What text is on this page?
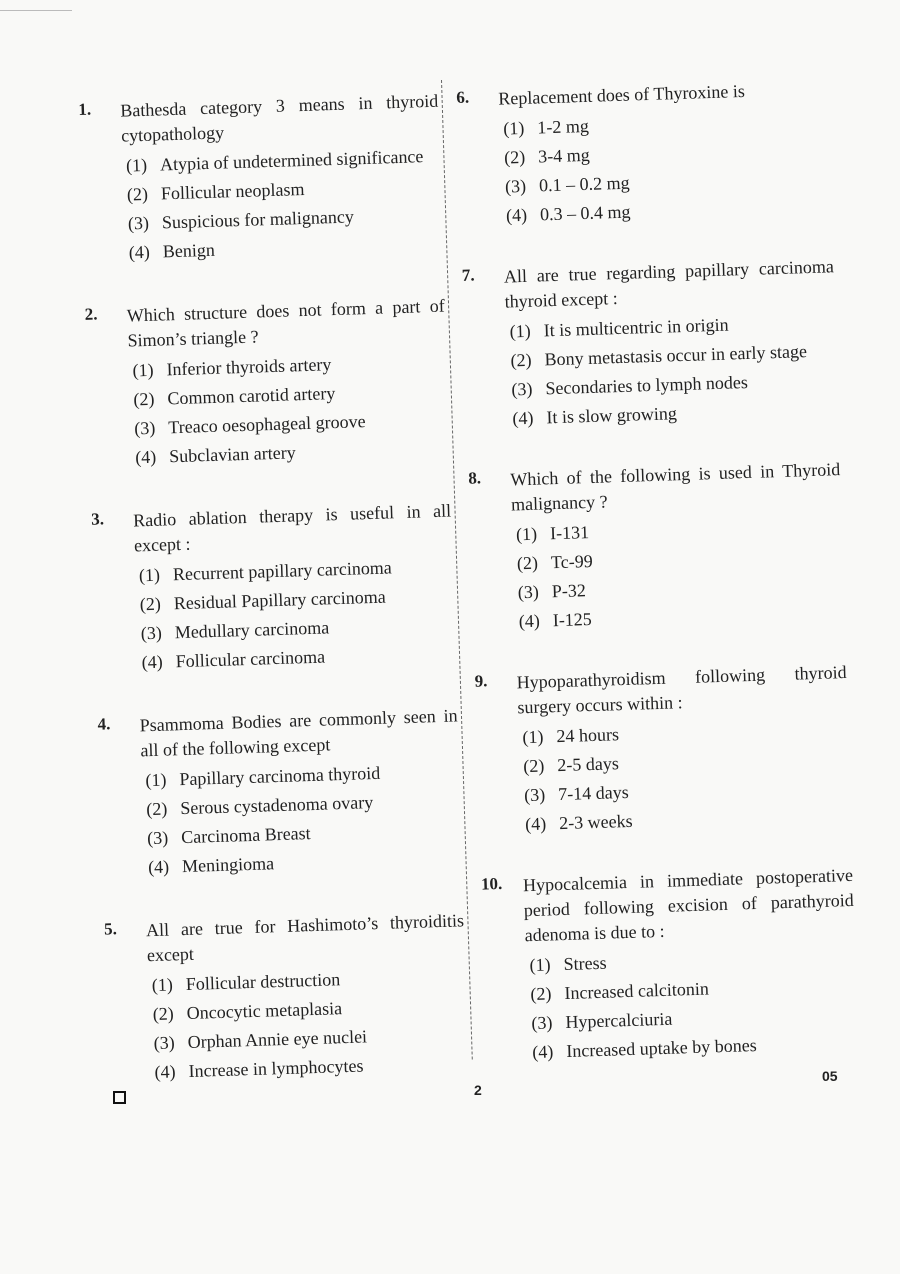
1. Bathesda category 3 means in thyroid cytopathology
(1) Atypia of undetermined significance
(2) Follicular neoplasm
(3) Suspicious for malignancy
(4) Benign
2. Which structure does not form a part of Simon’s triangle ?
(1) Inferior thyroids artery
(2) Common carotid artery
(3) Treaco oesophageal groove
(4) Subclavian artery
3. Radio ablation therapy is useful in all except :
(1) Recurrent papillary carcinoma
(2) Residual Papillary carcinoma
(3) Medullary carcinoma
(4) Follicular carcinoma
4. Psammoma Bodies are commonly seen in all of the following except
(1) Papillary carcinoma thyroid
(2) Serous cystadenoma ovary
(3) Carcinoma Breast
(4) Meningioma
5. All are true for Hashimoto’s thyroiditis except
(1) Follicular destruction
(2) Oncocytic metaplasia
(3) Orphan Annie eye nuclei
(4) Increase in lymphocytes
6. Replacement does of Thyroxine is
(1) 1-2 mg
(2) 3-4 mg
(3) 0.1 – 0.2 mg
(4) 0.3 – 0.4 mg
7. All are true regarding papillary carcinoma thyroid except :
(1) It is multicentric in origin
(2) Bony metastasis occur in early stage
(3) Secondaries to lymph nodes
(4) It is slow growing
8. Which of the following is used in Thyroid malignancy ?
(1) I-131
(2) Tc-99
(3) P-32
(4) I-125
9. Hypoparathyroidism following thyroid surgery occurs within :
(1) 24 hours
(2) 2-5 days
(3) 7-14 days
(4) 2-3 weeks
10. Hypocalcemia in immediate postoperative period following excision of parathyroid adenoma is due to :
(1) Stress
(2) Increased calcitonin
(3) Hypercalciuria
(4) Increased uptake by bones
2
05
